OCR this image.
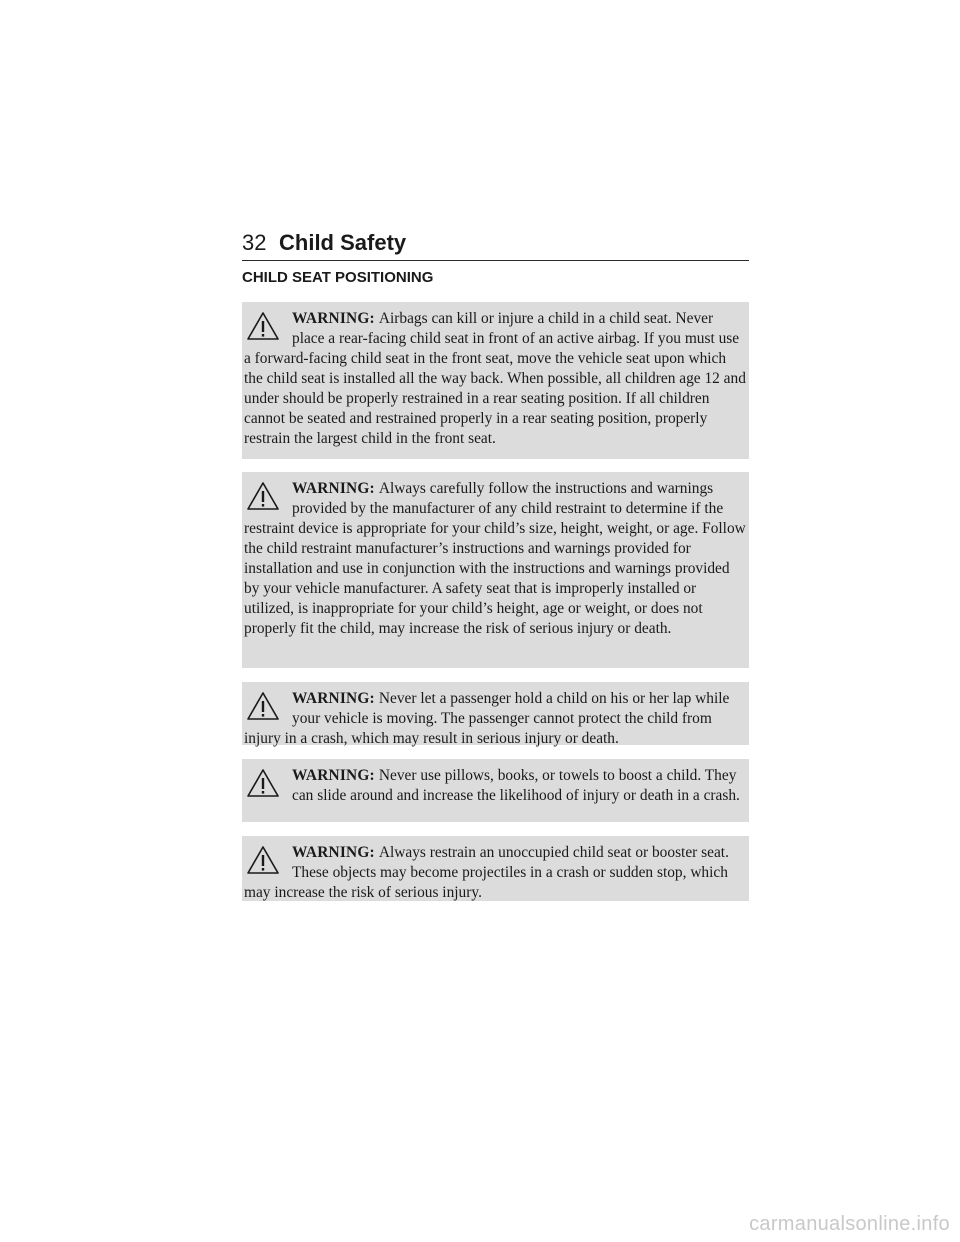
32 Child Safety
CHILD SEAT POSITIONING
WARNING: Airbags can kill or injure a child in a child seat. Never place a rear-facing child seat in front of an active airbag. If you must use a forward-facing child seat in the front seat, move the vehicle seat upon which the child seat is installed all the way back. When possible, all children age 12 and under should be properly restrained in a rear seating position. If all children cannot be seated and restrained properly in a rear seating position, properly restrain the largest child in the front seat.
WARNING: Always carefully follow the instructions and warnings provided by the manufacturer of any child restraint to determine if the restraint device is appropriate for your child’s size, height, weight, or age. Follow the child restraint manufacturer’s instructions and warnings provided for installation and use in conjunction with the instructions and warnings provided by your vehicle manufacturer. A safety seat that is improperly installed or utilized, is inappropriate for your child’s height, age or weight, or does not properly fit the child, may increase the risk of serious injury or death.
WARNING: Never let a passenger hold a child on his or her lap while your vehicle is moving. The passenger cannot protect the child from injury in a crash, which may result in serious injury or death.
WARNING: Never use pillows, books, or towels to boost a child. They can slide around and increase the likelihood of injury or death in a crash.
WARNING: Always restrain an unoccupied child seat or booster seat. These objects may become projectiles in a crash or sudden stop, which may increase the risk of serious injury.
carmanualsonline.info
